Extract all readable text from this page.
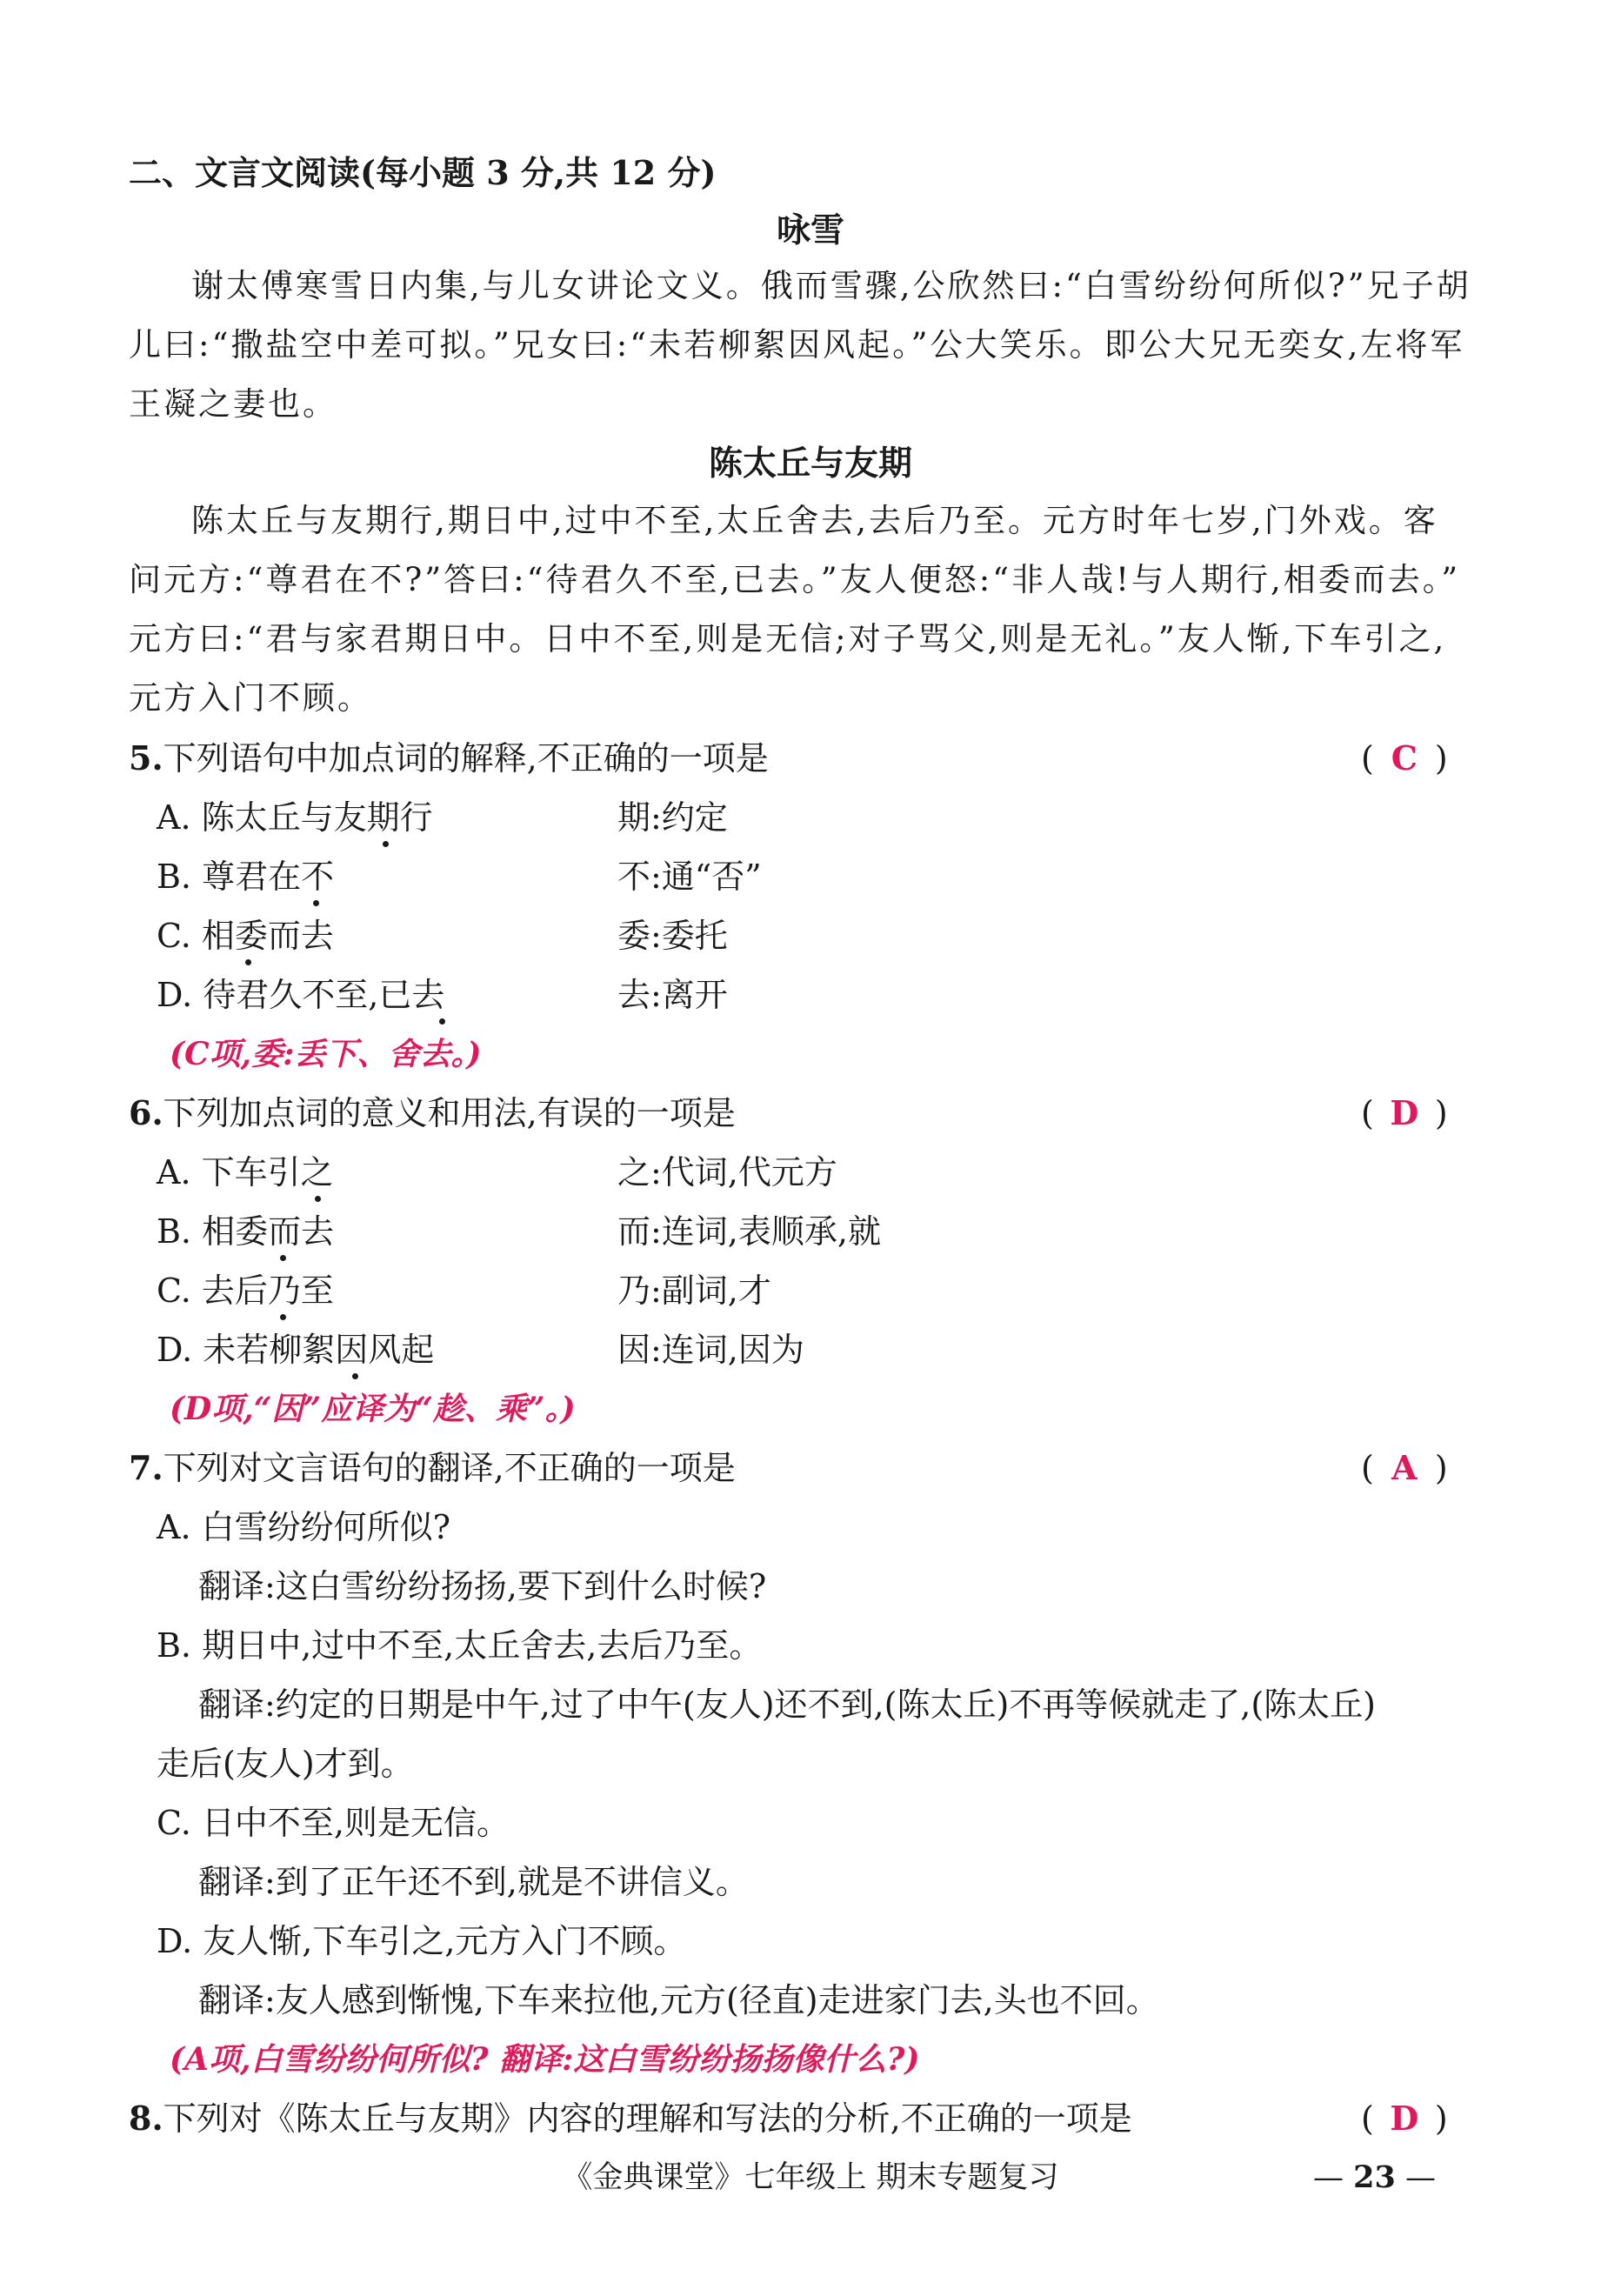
二、文言文阅读(每小题 3 分,共 12 分)
咏雪
谢太傅寒雪日内集,与儿女讲论文义。俄而雪骤,公欣然曰:“白雪纷纷何所似?”兄子胡
儿曰:“撒盐空中差可拟。”兄女曰:“未若柳絮因风起。”公大笑乐。即公大兄无奕女,左将军
王凝之妻也。
陈太丘与友期
陈太丘与友期行,期日中,过中不至,太丘舍去,去后乃至。元方时年七岁,门外戏。客
问元方:“尊君在不?”答曰:“待君久不至,已去。”友人便怒:“非人哉!与人期行,相委而去。”
元方曰:“君与家君期日中。日中不至,则是无信;对子骂父,则是无礼。”友人惭,下车引之,
元方入门不顾。
5.下列语句中加点词的解释,不正确的一项是	( C )
A. 陈太丘与友期行	期:约定
B. 尊君在不	不:通“否”
C. 相委而去	委:委托
D. 待君久不至,已去	去:离开
(C项,委:丢下、舍去。)
6.下列加点词的意义和用法,有误的一项是	( D )
A. 下车引之	之:代词,代元方
B. 相委而去	而:连词,表顺承,就
C. 去后乃至	乃:副词,才
D. 未若柳絮因风起	因:连词,因为
(D项,“因”应译为“趁、乘”。)
7.下列对文言语句的翻译,不正确的一项是	( A )
A. 白雪纷纷何所似?
翻译:这白雪纷纷扬扬,要下到什么时候?
B. 期日中,过中不至,太丘舍去,去后乃至。
翻译:约定的日期是中午,过了中午(友人)还不到,(陈太丘)不再等候就走了,(陈太丘)
走后(友人)才到。
C. 日中不至,则是无信。
翻译:到了正午还不到,就是不讲信义。
D. 友人惭,下车引之,元方入门不顾。
翻译:友人感到惭愧,下车来拉他,元方(径直)走进家门去,头也不回。
(A项,白雪纷纷何所似? 翻译:这白雪纷纷扬扬像什么?)
8.下列对《陈太丘与友期》内容的理解和写法的分析,不正确的一项是	( D )
《金典课堂》七年级上 期末专题复习	— 23 —
